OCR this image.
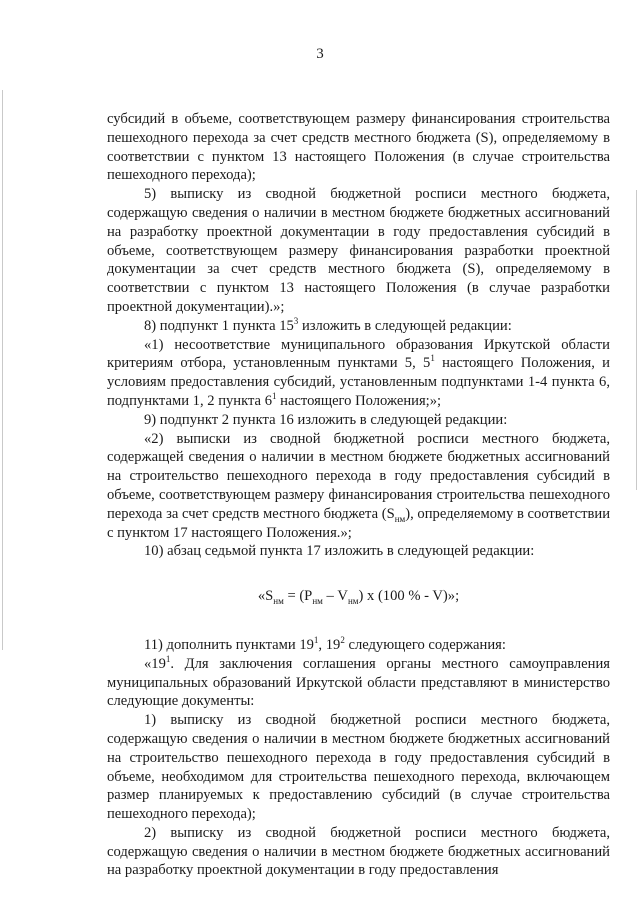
3

субсидий в объеме, соответствующем размеру финансирования строительства пешеходного перехода за счет средств местного бюджета (S), определяемому в соответствии с пунктом 13 настоящего Положения (в случае строительства пешеходного перехода);

5) выписку из сводной бюджетной росписи местного бюджета, содержащую сведения о наличии в местном бюджете бюджетных ассигнований на разработку проектной документации в году предоставления субсидий в объеме, соответствующем размеру финансирования разработки проектной документации за счет средств местного бюджета (S), определяемому в соответствии с пунктом 13 настоящего Положения (в случае разработки проектной документации).»;

8) подпункт 1 пункта $15^3$ изложить в следующей редакции:

«1) несоответствие муниципального образования Иркутской области критериям отбора, установленным пунктами 5, $5^1$ настоящего Положения, и условиям предоставления субсидий, установленным подпунктами 1-4 пункта 6, подпунктами 1, 2 пункта $6^1$ настоящего Положения;»;

9) подпункт 2 пункта 16 изложить в следующей редакции:

«2) выписки из сводной бюджетной росписи местного бюджета, содержащей сведения о наличии в местном бюджете бюджетных ассигнований на строительство пешеходного перехода в году предоставления субсидий в объеме, соответствующем размеру финансирования строительства пешеходного перехода за счет средств местного бюджета $(S_{нм})$, определяемому в соответствии с пунктом 17 настоящего Положения.»;

10) абзац седьмой пункта 17 изложить в следующей редакции:

«$S_{нм} = (P_{нм} - V_{нм})$ x (100 % - V)»;

11) дополнить пунктами $19^1$, $19^2$ следующего содержания:

«$19^1$. Для заключения соглашения органы местного самоуправления муниципальных образований Иркутской области представляют в министерство следующие документы:

1) выписку из сводной бюджетной росписи местного бюджета, содержащую сведения о наличии в местном бюджете бюджетных ассигнований на строительство пешеходного перехода в году предоставления субсидий в объеме, необходимом для строительства пешеходного перехода, включающем размер планируемых к предоставлению субсидий (в случае строительства пешеходного перехода);

2) выписку из сводной бюджетной росписи местного бюджета, содержащую сведения о наличии в местном бюджете бюджетных ассигнований на разработку проектной документации в году предоставления
